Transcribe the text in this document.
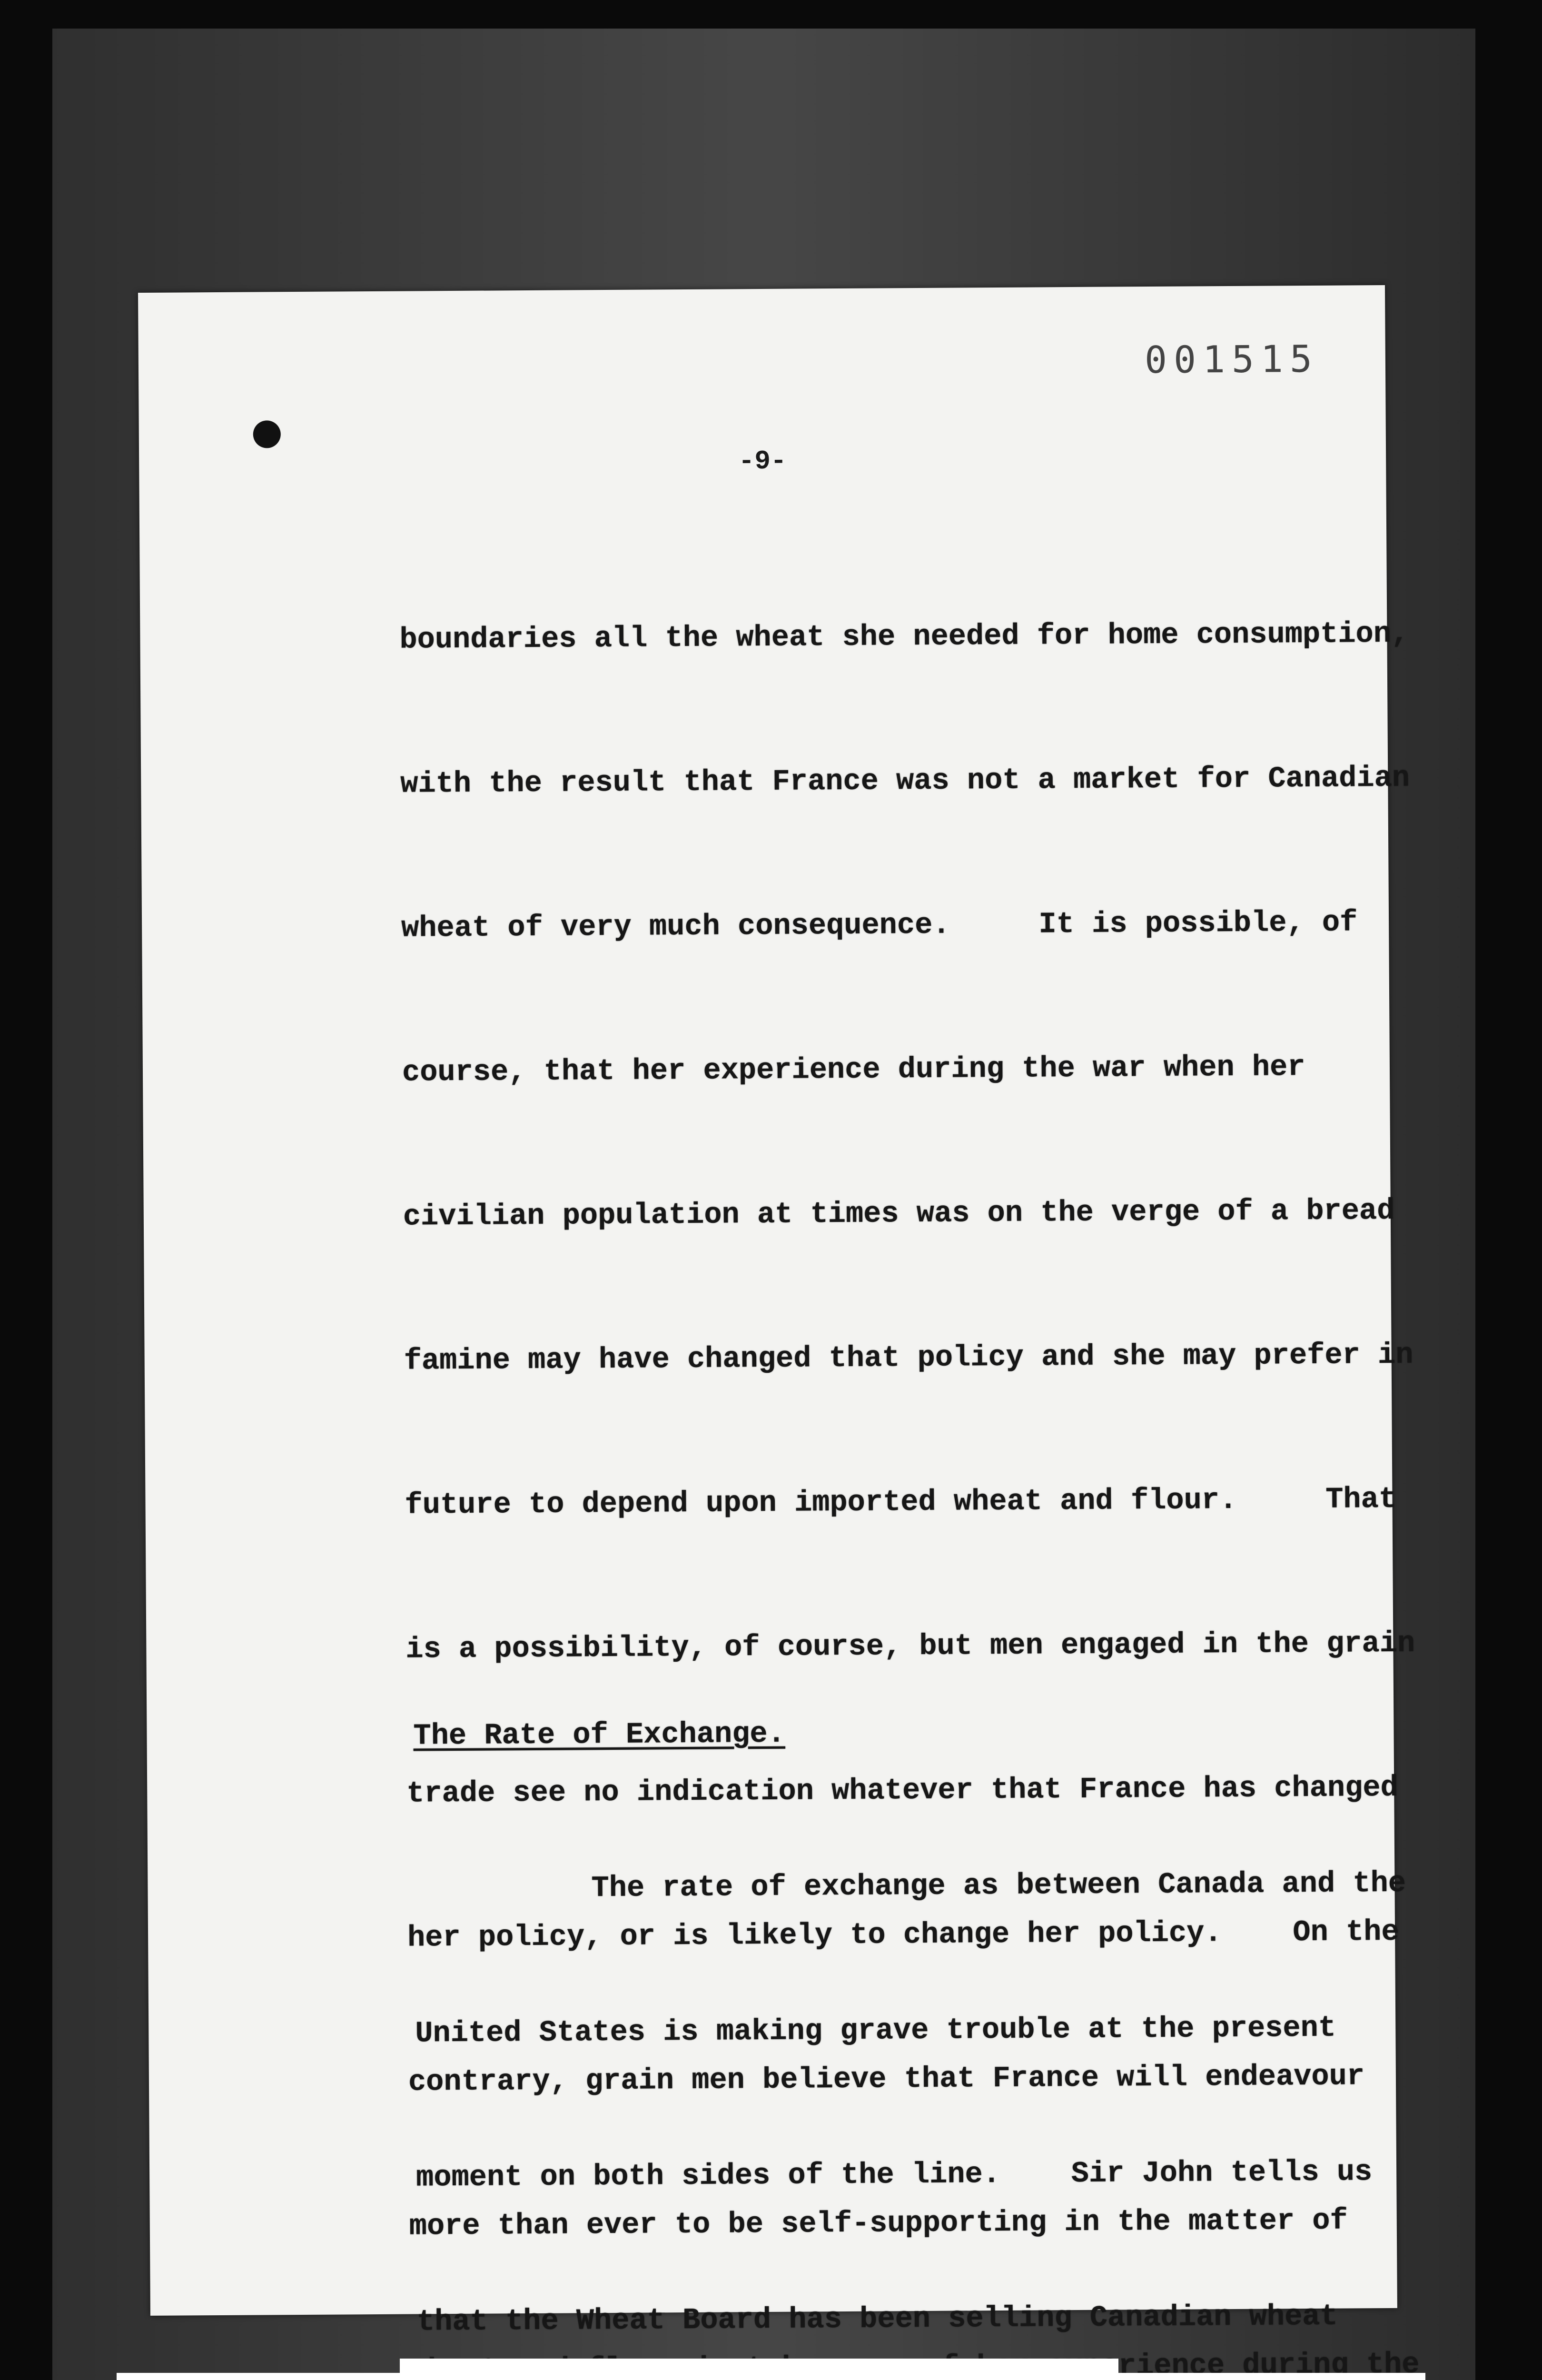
001515
-9-

boundaries all the wheat she needed for home consumption,

with the result that France was not a market for Canadian

wheat of very much consequence.     It is possible, of

course, that her experience during the war when her

civilian population at times was on the verge of a bread

famine may have changed that policy and she may prefer in

future to depend upon imported wheat and flour.     That

is a possibility, of course, but men engaged in the grain

trade see no indication whatever that France has changed

her policy, or is likely to change her policy.    On the

contrary, grain men believe that France will endeavour

more than ever to be self-supporting in the matter of

experience during

The Rate of Exchange.

The rate of exchange as between Canada and the

United States is making grave trouble at the present

moment on both sides of the line.    Sir John tells us

that the Wheat Board has been selling Canadian wheat
